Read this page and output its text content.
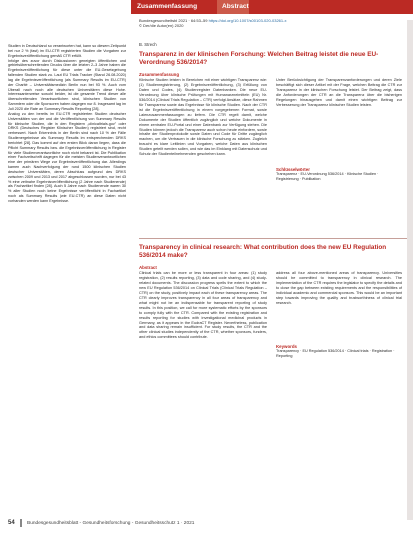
Studien in Deutschland so verantworten hat, kann so diesem Zeitpunkt bei nur 2 % (fast) im EU-CTR registrierten Studien die Vorgaben zur Ergebnisveröffentlichung gemäß CTR erfüllt.

Infolge des zuvor durch Diskussionen geneigten öffentlichen und gebietsüberschreitenden Drucks über die letzten 2–3 Jahre haben die Ergebnisveröffentlichung für diese unter die EU-Gesetzgebung fallenden Studien stark zu. Laut EU Trials Tracker (Stand 26.08.2020) lag die Ergebnisveröffentlichung (als Summary Results im EU-CTR) der Charité – Universitätsmedizin Berlin nun bei 93 %. Auch vom Überall nach noch alle deutschen Universitären diese Hohe. Interessanterweise sowohl beider, ist die gesamte Trend dieser alle überschreitenden Verantwortlichen sind, klinischen Studien von Sammlern oder die Sponsoren haben dagegen nur 8. Insgesamt lag im Juli 2020 die Rate an Summary Results Reporting [28].

Analog zu den bereits im EU-CTR registrierten Studien deutscher Universitäten von der und die Veröffentlichung von Summary Results für klinische Studien, die in den Registern „clinicaltrials.gov" oder DRKS (Deutsches Register Klinischer Studien) registriert sind, recht verbessert. Nach Erkenntnis in der Berlin sind nach 10 % der Fälle Studienergebnisse als Summary Results im entsprechenden DRKS berichtet [28]. Das kommt auf den ersten Blick daran liegen, dass die Pflicht Summary Results bzw. die Ergebnisveröffentlichung in Register für viele Studienverantwortliche noch nicht bekannt ist. Die Publikation einer Fachzeitschrift dagegen für die meisten Studienverantwortlichen eine der primären Wege zur Ergebnisveröffentlichung dar. Allerdings kamen auch Nachverfolgung der rund 1500 klinischen Studien deutscher Universitäten, deren Abschluss aufgrund des DRKS zwischen 2009 und 2013 und 2017 abgeschlossen wurden, nur bei 43 % eine zeitnahe Ergebnisveröffentlichung (2 Jahre nach Studienende) als Fachartikel finden [28]. Auch 5 Jahre nach Studienende waren 30 % aller Studien noch keine Ergebnisse veröffentlicht in Fachartikel noch als Summary Results (wie EU-CTR) an diese Daten nicht vorhanden werden kann Ergebnisse.

Zusammenfassung	Abstract
Bundesgesundheitsbl 2021 · 64:53–59 https://doi.org/10.1007/s00103-020-03261-x
© Der/die Autor(en) 2020
B. Strech
Transparenz in der klinischen Forschung: Welchen Beitrag leistet die neue EU-Verordnung 536/2014?
Zusammenfassung
Klinische Studien leisten in Bereichen mit einer wichtigen Transparenz wie: (1) Studienregistrierung, (2) Ergebnisveröffentlichung, (3) Erfüllung von Daten und Codes, (4) Studienregister Datenbanken. Die neue EU-Verordnung über klinische Prüfungen mit Humanarzneimitteln (EU) Nr. 536/2014 (Clinical Trials Regulation – CTR) verfolgt Ansätze, diese Rahmen für Transparenz sowie das Ergebnisse für klinische Studien. Nach der CTR ist die Ergebnisveröffentlichung in einem vorgegebenen Format, sowie Laienzusammenfassungen zu liefern. Die CTR regelt damit, welche Dokumente der Studien öffentlich zugänglich und welche Dokumente in einem zentralen EU-Portal und einer Datenbank zur Verfügung stehen. Die Studien können jedoch die Transparenz auch schon heute einfordern, sowie Inhalte der Studienprotokolle sowie Daten und Code für Dritte zugänglich machen, um die Vertrauen in die klinische Forschung zu stärken. Zugleich braucht es klare Leitlinien und Vorgaben, welche Daten aus klinischen Studien geteilt werden sollen, und wie das im Einklang mit Datenschutz und Schutz der Studienteilnehmenden geschehen kann.
Unter Berücksichtigung der Transparenzanforderungen und deren Ziele beschäftigt sich dieser Artikel mit der Frage, welchen Beitrag die CTR zur Transparenz in der klinischen Forschung leistet. Der Beitrag zeigt, dass die Anforderungen der CTR an die Transparenz über die bisherigen Regelungen hinausgehen und damit einen wichtigen Beitrag zur Verbesserung der Transparenz klinischer Studien leisten.
Schlüsselwörter
Transparenz · EU-Verordnung 536/2014 · Klinische Studien · Registrierung · Publikation
Transparency in clinical research: What contribution does the new EU Regulation 536/2014 make?
Abstract
Clinical trials can be more or less transparent in four areas: (1) study registration, (2) results reporting, (3) data and code sharing, and (4) study-related documents. The discussion progress spells the extent to which the new EU Regulation 536/2014 on Clinical Trials (Clinical Trials Regulation – CTR) on the study, positively impact each of these transparency areas. The CTR clearly improves transparency in all four areas of transparency and what might not be an indispensable for transparent reporting of study results. In this position, we call for more systematic efforts by the sponsors to comply fully with the CTR. Compared with the existing registration and results reporting for studies with investigational medicinal products in Germany, as it appears in the EudraCT Register. Nevertheless, publication and data sharing remain insufficient. For study results, the CTR and the other clinical studies independently of the CTR, whether sponsors, funders, and ethics committees should contribute.
address all four above-mentioned areas of transparency. Universities should be committed to transparency in clinical research. The implementation of the CTR requires the legislator to specify the details and to close the gap between existing requirements and the responsibilities of individual academic and commercial sponsors. This would be an important step towards improving the quality and trustworthiness of clinical trial research.
Keywords
Transparency · EU Regulation 536/2014 · Clinical trials · Registration · Reporting
54	Bundesgesundheitsblatt - Gesundheitsforschung - Gesundheitsschutz 1 · 2021
